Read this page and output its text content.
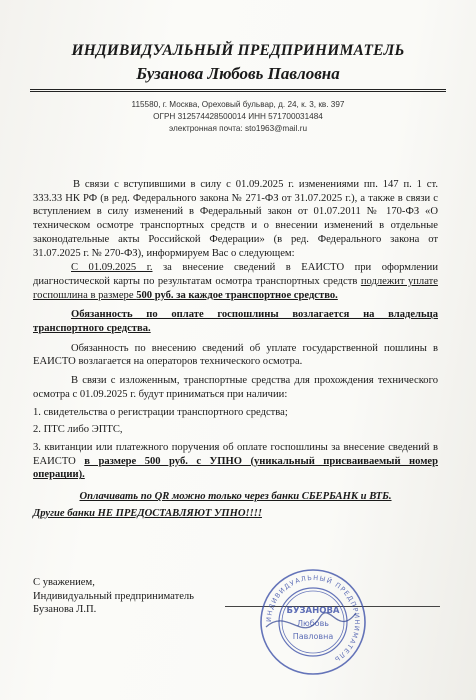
ИНДИВИДУАЛЬНЫЙ ПРЕДПРИНИМАТЕЛЬ
Бузанова Любовь Павловна
115580, г. Москва, Ореховый бульвар, д. 24, к. 3, кв. 397
ОГРН 312574428500014 ИНН 571700031484
электронная почта: sto1963@mail.ru

В связи с вступившими в силу с 01.09.2025 г. изменениями пп. 147 п. 1 ст. 333.33 НК РФ (в ред. Федерального закона № 271-ФЗ от 31.07.2025 г.), а также в связи с вступлением в силу изменений в Федеральный закон от 01.07.2011 № 170-ФЗ «О техническом осмотре транспортных средств и о внесении изменений в отдельные законодательные акты Российской Федерации» (в ред. Федерального закона от 31.07.2025 г. № 270-ФЗ), информируем Вас о следующем:

С 01.09.2025 г. за внесение сведений в ЕАИСТО при оформлении диагностической карты по результатам осмотра транспортных средств подлежит уплате госпошлина в размере 500 руб. за каждое транспортное средство.

Обязанность по оплате госпошлины возлагается на владельца транспортного средства.

Обязанность по внесению сведений об уплате государственной пошлины в ЕАИСТО возлагается на операторов технического осмотра.

В связи с изложенным, транспортные средства для прохождения технического осмотра с 01.09.2025 г. будут приниматься при наличии:

1. свидетельства о регистрации транспортного средства;

2. ПТС либо ЭПТС,

3. квитанции или платежного поручения об оплате госпошлины за внесение сведений в ЕАИСТО в размере 500 руб. с УПНО (уникальный присваиваемый номер операции).

Оплачивать по QR можно только через банки СБЕРБАНК и ВТБ.

Другие банки НЕ ПРЕДОСТАВЛЯЮТ УПНО!!!!

С уважением,
Индивидуальный предприниматель
Бузанова Л.П.
ИНДИВИДУАЛЬНЫЙ ПРЕДПРИНИМАТЕЛЬ
БУЗАНОВА
Любовь
Павловна
